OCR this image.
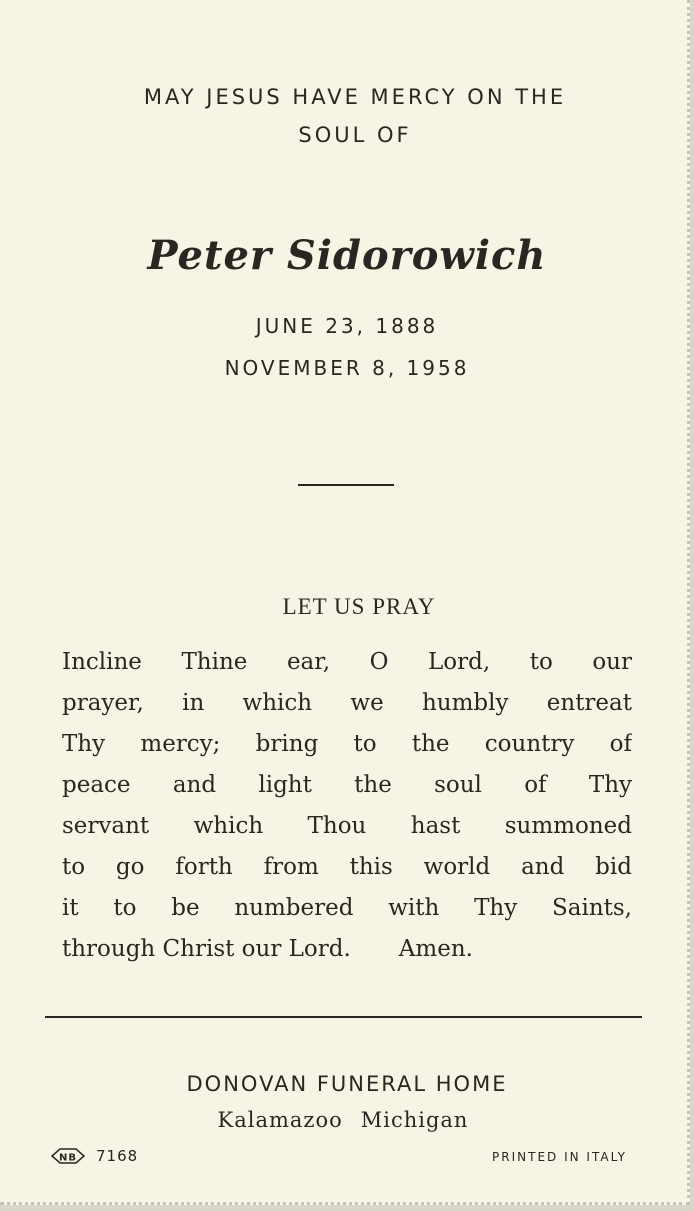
MAY JESUS HAVE MERCY ON THE
SOUL OF
Peter Sidorowich
JUNE 23, 1888
NOVEMBER 8, 1958
LET US PRAY
Incline Thine ear, O Lord, to our
prayer, in which we humbly entreat
Thy mercy; bring to the country of
peace and light the soul of Thy
servant which Thou hast summoned
to go forth from this world and bid
it to be numbered with Thy Saints,
through Christ our Lord. Amen.
DONOVAN FUNERAL HOME
Kalamazoo Michigan
NB 7168	PRINTED IN ITALY
